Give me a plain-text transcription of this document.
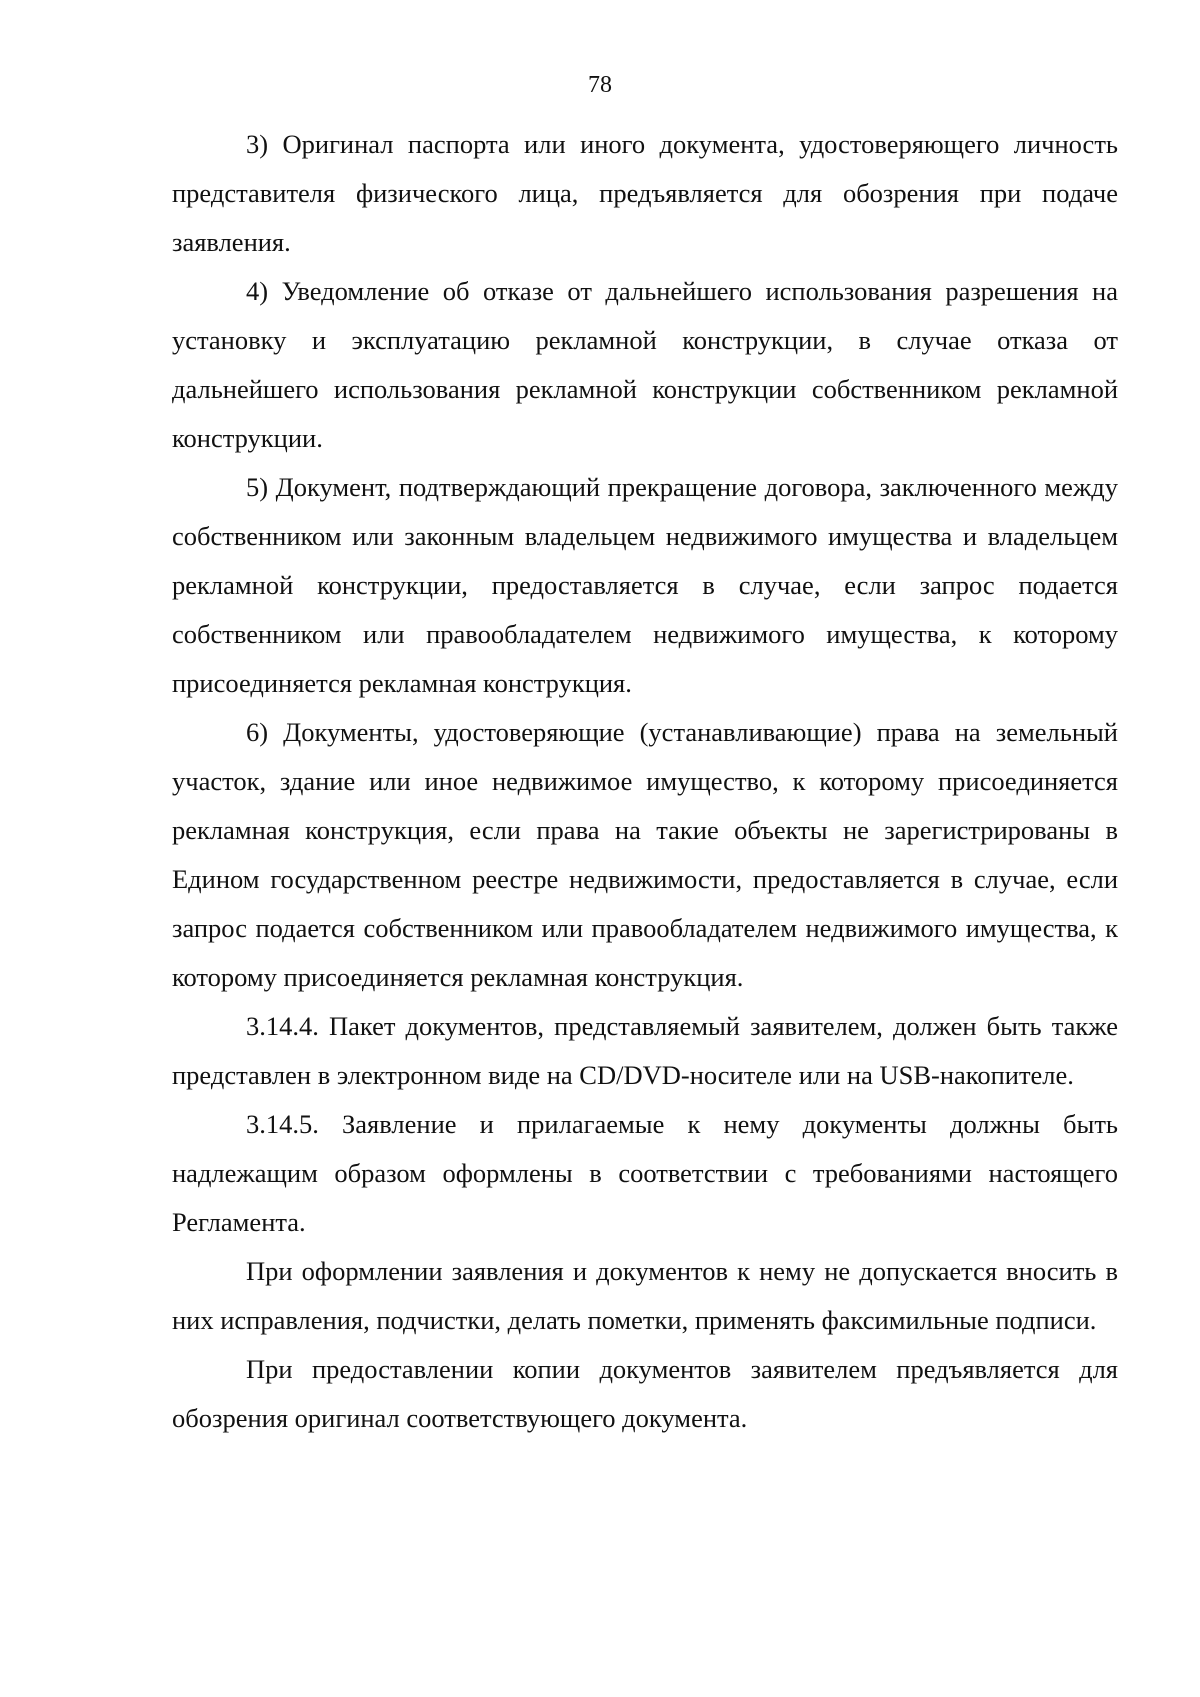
78

3) Оригинал паспорта или иного документа, удостоверяющего личность представителя физического лица, предъявляется для обозрения при подаче заявления.

4) Уведомление об отказе от дальнейшего использования разрешения на установку и эксплуатацию рекламной конструкции, в случае отказа от дальнейшего использования рекламной конструкции собственником рекламной конструкции.

5) Документ, подтверждающий прекращение договора, заключенного между собственником или законным владельцем недвижимого имущества и владельцем рекламной конструкции, предоставляется в случае, если запрос подается собственником или правообладателем недвижимого имущества, к которому присоединяется рекламная конструкция.

6) Документы, удостоверяющие (устанавливающие) права на земельный участок, здание или иное недвижимое имущество, к которому присоединяется рекламная конструкция, если права на такие объекты не зарегистрированы в Едином государственном реестре недвижимости, предоставляется в случае, если запрос подается собственником или правообладателем недвижимого имущества, к которому присоединяется рекламная конструкция.

3.14.4. Пакет документов, представляемый заявителем, должен быть также представлен в электронном виде на CD/DVD-носителе или на USB-накопителе.

3.14.5. Заявление и прилагаемые к нему документы должны быть надлежащим образом оформлены в соответствии с требованиями настоящего Регламента.

При оформлении заявления и документов к нему не допускается вносить в них исправления, подчистки, делать пометки, применять факсимильные подписи.

При предоставлении копии документов заявителем предъявляется для обозрения оригинал соответствующего документа.
